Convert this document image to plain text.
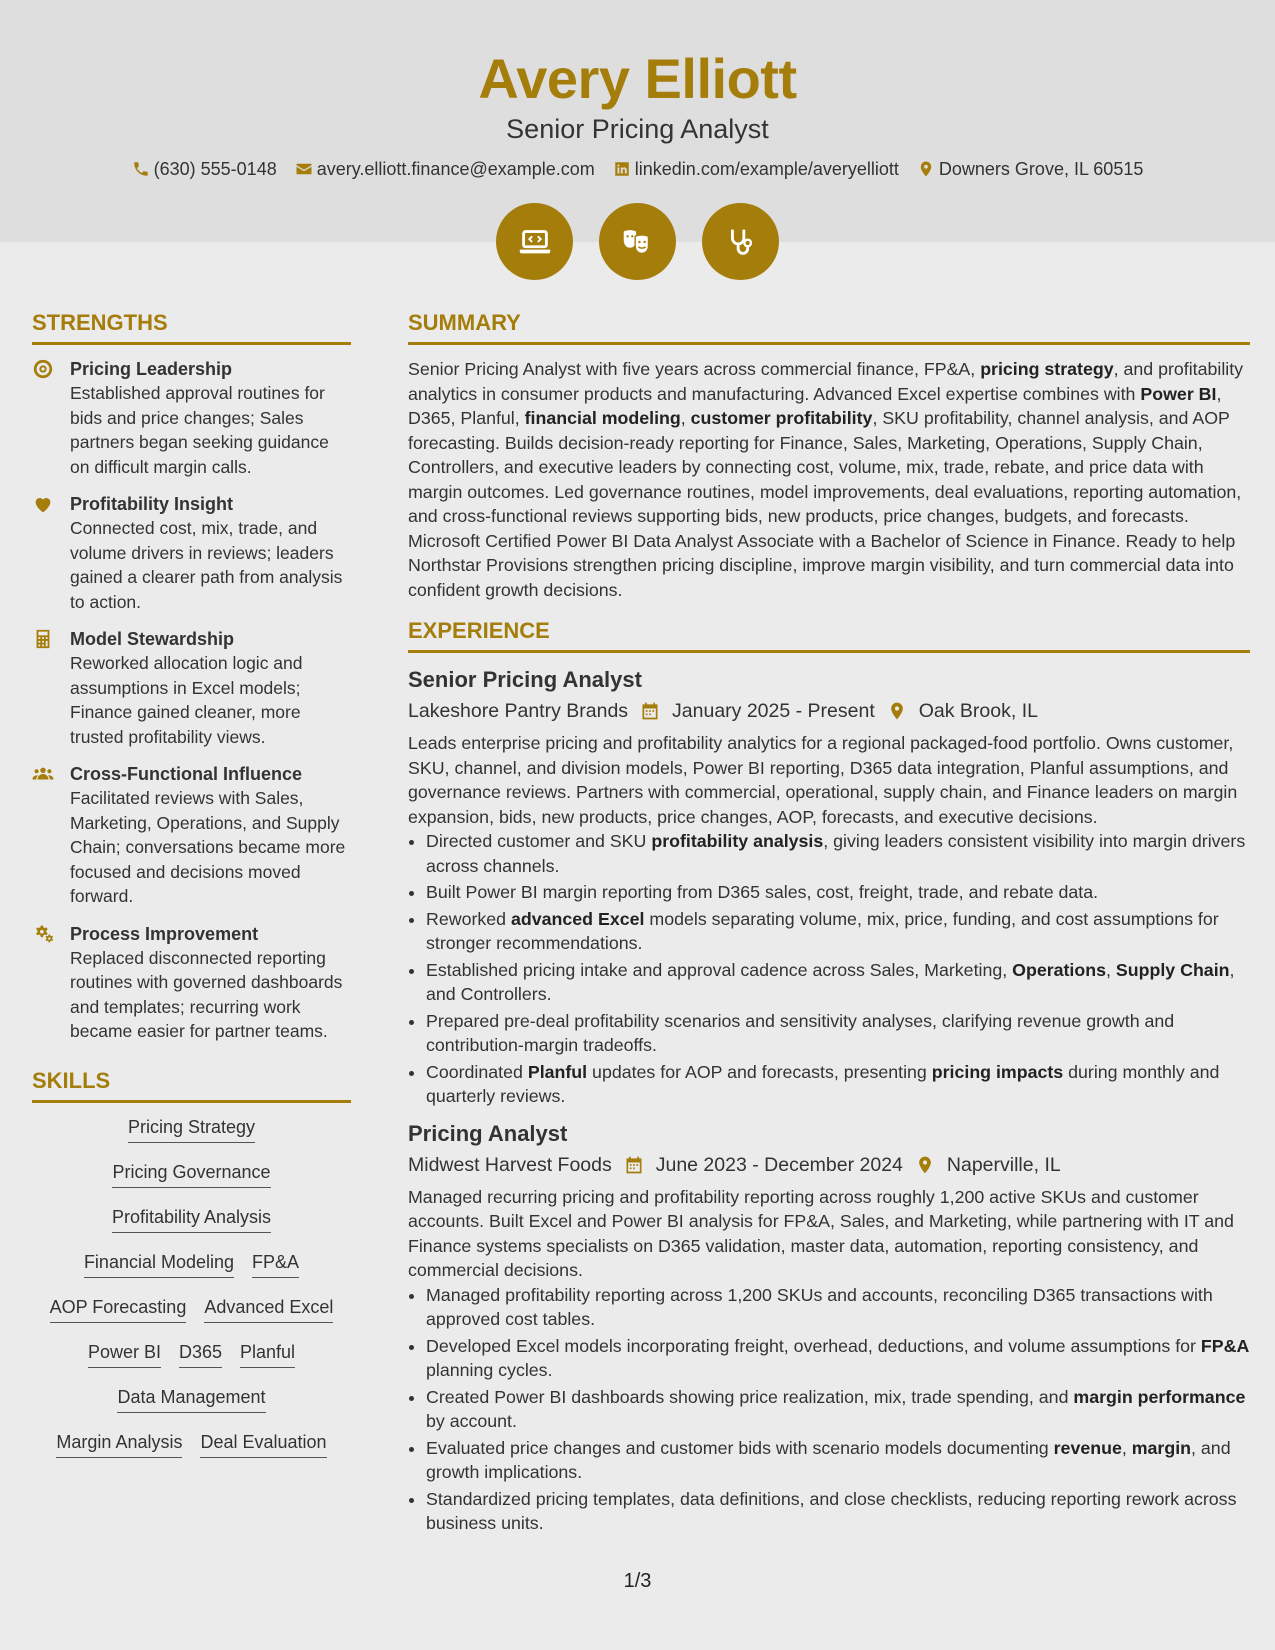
Avery Elliott
Senior Pricing Analyst
(630) 555-0148 avery.elliott.finance@example.com linkedin.com/example/averyelliott Downers Grove, IL 60515
STRENGTHS
Pricing Leadership
Established approval routines for bids and price changes; Sales partners began seeking guidance on difficult margin calls.
Profitability Insight
Connected cost, mix, trade, and volume drivers in reviews; leaders gained a clearer path from analysis to action.
Model Stewardship
Reworked allocation logic and assumptions in Excel models; Finance gained cleaner, more trusted profitability views.
Cross-Functional Influence
Facilitated reviews with Sales, Marketing, Operations, and Supply Chain; conversations became more focused and decisions moved forward.
Process Improvement
Replaced disconnected reporting routines with governed dashboards and templates; recurring work became easier for partner teams.
SKILLS
Pricing Strategy
Pricing Governance
Profitability Analysis
Financial Modeling FP&A
AOP Forecasting Advanced Excel
Power BI D365 Planful
Data Management
Margin Analysis Deal Evaluation
SUMMARY

Senior Pricing Analyst with five years across commercial finance, FP&A, pricing strategy, and profitability analytics in consumer products and manufacturing. Advanced Excel expertise combines with Power BI, D365, Planful, financial modeling, customer profitability, SKU profitability, channel analysis, and AOP forecasting. Builds decision-ready reporting for Finance, Sales, Marketing, Operations, Supply Chain, Controllers, and executive leaders by connecting cost, volume, mix, trade, rebate, and price data with margin outcomes. Led governance routines, model improvements, deal evaluations, reporting automation, and cross-functional reviews supporting bids, new products, price changes, budgets, and forecasts. Microsoft Certified Power BI Data Analyst Associate with a Bachelor of Science in Finance. Ready to help Northstar Provisions strengthen pricing discipline, improve margin visibility, and turn commercial data into confident growth decisions.

EXPERIENCE
Senior Pricing Analyst
Lakeshore Pantry Brands January 2025 - Present Oak Brook, IL
Leads enterprise pricing and profitability analytics for a regional packaged-food portfolio. Owns customer, SKU, channel, and division models, Power BI reporting, D365 data integration, Planful assumptions, and governance reviews. Partners with commercial, operational, supply chain, and Finance leaders on margin expansion, bids, new products, price changes, AOP, forecasts, and executive decisions.
• Directed customer and SKU profitability analysis, giving leaders consistent visibility into margin drivers across channels.
• Built Power BI margin reporting from D365 sales, cost, freight, trade, and rebate data.
• Reworked advanced Excel models separating volume, mix, price, funding, and cost assumptions for stronger recommendations.
• Established pricing intake and approval cadence across Sales, Marketing, Operations, Supply Chain, and Controllers.
• Prepared pre-deal profitability scenarios and sensitivity analyses, clarifying revenue growth and contribution-margin tradeoffs.
• Coordinated Planful updates for AOP and forecasts, presenting pricing impacts during monthly and quarterly reviews.
Pricing Analyst
Midwest Harvest Foods June 2023 - December 2024 Naperville, IL
Managed recurring pricing and profitability reporting across roughly 1,200 active SKUs and customer accounts. Built Excel and Power BI analysis for FP&A, Sales, and Marketing, while partnering with IT and Finance systems specialists on D365 validation, master data, automation, reporting consistency, and commercial decisions.
• Managed profitability reporting across 1,200 SKUs and accounts, reconciling D365 transactions with approved cost tables.
• Developed Excel models incorporating freight, overhead, deductions, and volume assumptions for FP&A planning cycles.
• Created Power BI dashboards showing price realization, mix, trade spending, and margin performance by account.
• Evaluated price changes and customer bids with scenario models documenting revenue, margin, and growth implications.
• Standardized pricing templates, data definitions, and close checklists, reducing reporting rework across business units.
1/3
